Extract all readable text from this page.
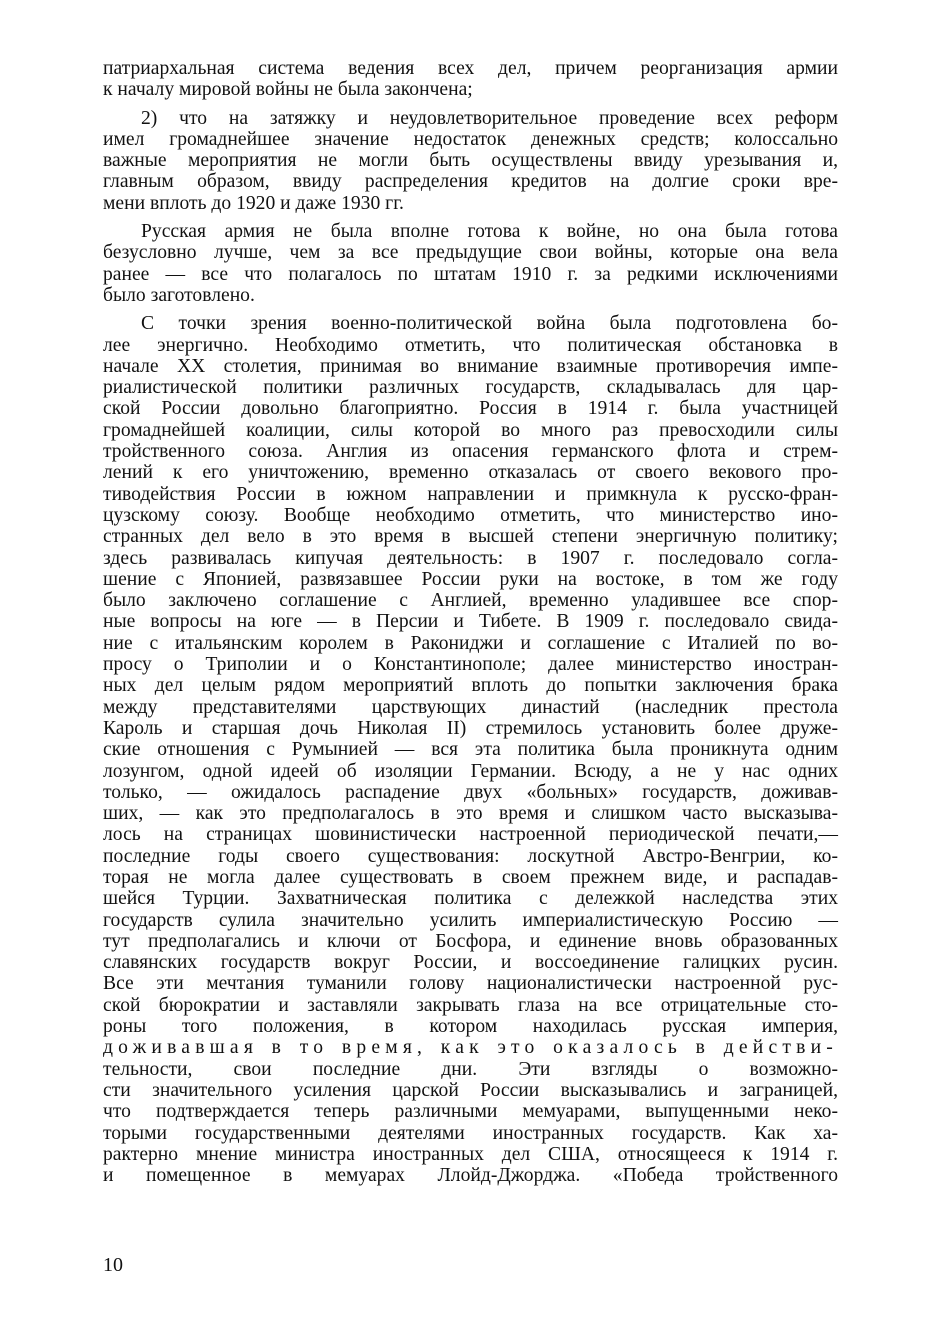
патриархальная система ведения всех дел, причем реорганизация армии
к началу мировой войны не была закончена;
2) что на затяжку и неудовлетворительное проведение всех реформ
имел громаднейшее значение недостаток денежных средств; колоссально
важные мероприятия не могли быть осуществлены ввиду урезывания и,
главным образом, ввиду распределения кредитов на долгие сроки вре-
мени вплоть до 1920 и даже 1930 гг.
Русская армия не была вполне готова к войне, но она была готова
безусловно лучше, чем за все предыдущие свои войны, которые она вела
ранее — все что полагалось по штатам 1910 г. за редкими исключениями
было заготовлено.
С точки зрения военно-политической война была подготовлена бо-
лее энергично. Необходимо отметить, что политическая обстановка в
начале XX столетия, принимая во внимание взаимные противоречия импе-
риалистической политики различных государств, складывалась для цар-
ской России довольно благоприятно. Россия в 1914 г. была участницей
громаднейшей коалиции, силы которой во много раз превосходили силы
тройственного союза. Англия из опасения германского флота и стрем-
лений к его уничтожению, временно отказалась от своего векового про-
тиводействия России в южном направлении и примкнула к русско-фран-
цузскому союзу. Вообще необходимо отметить, что министерство ино-
странных дел вело в это время в высшей степени энергичную политику;
здесь развивалась кипучая деятельность: в 1907 г. последовало согла-
шение с Японией, развязавшее России руки на востоке, в том же году
было заключено соглашение с Англией, временно уладившее все спор-
ные вопросы на юге — в Персии и Тибете. В 1909 г. последовало свида-
ние с итальянским королем в Ракониджи и соглашение с Италией по во-
просу о Триполии и о Константинополе; далее министерство иностран-
ных дел целым рядом мероприятий вплоть до попытки заключения брака
между представителями царствующих династий (наследник престола
Кароль и старшая дочь Николая II) стремилось установить более друже-
ские отношения с Румынией — вся эта политика была проникнута одним
лозунгом, одной идеей об изоляции Германии. Всюду, а не у нас одних
только, — ожидалось распадение двух «больных» государств, доживав-
ших, — как это предполагалось в это время и слишком часто высказыва-
лось на страницах шовинистически настроенной периодической печати,—
последние годы своего существования: лоскутной Австро-Венгрии, ко-
торая не могла далее существовать в своем прежнем виде, и распадав-
шейся Турции. Захватническая политика с дележкой наследства этих
государств сулила значительно усилить империалистическую Россию —
тут предполагались и ключи от Босфора, и единение вновь образованных
славянских государств вокруг России, и воссоединение галицких русин.
Все эти мечтания туманили голову националистически настроенной рус-
ской бюрократии и заставляли закрывать глаза на все отрицательные сто-
роны того положения, в котором находилась русская империя,
доживавшая в то время, как это оказалось в действи-
тельности, свои последние дни. Эти взгляды о возможно-
сти значительного усиления царской России высказывались и заграницей,
что подтверждается теперь различными мемуарами, выпущенными неко-
торыми государственными деятелями иностранных государств. Как ха-
рактерно мнение министра иностранных дел США, относящееся к 1914 г.
и помещенное в мемуарах Ллойд-Джорджа. «Победа тройственного
10
